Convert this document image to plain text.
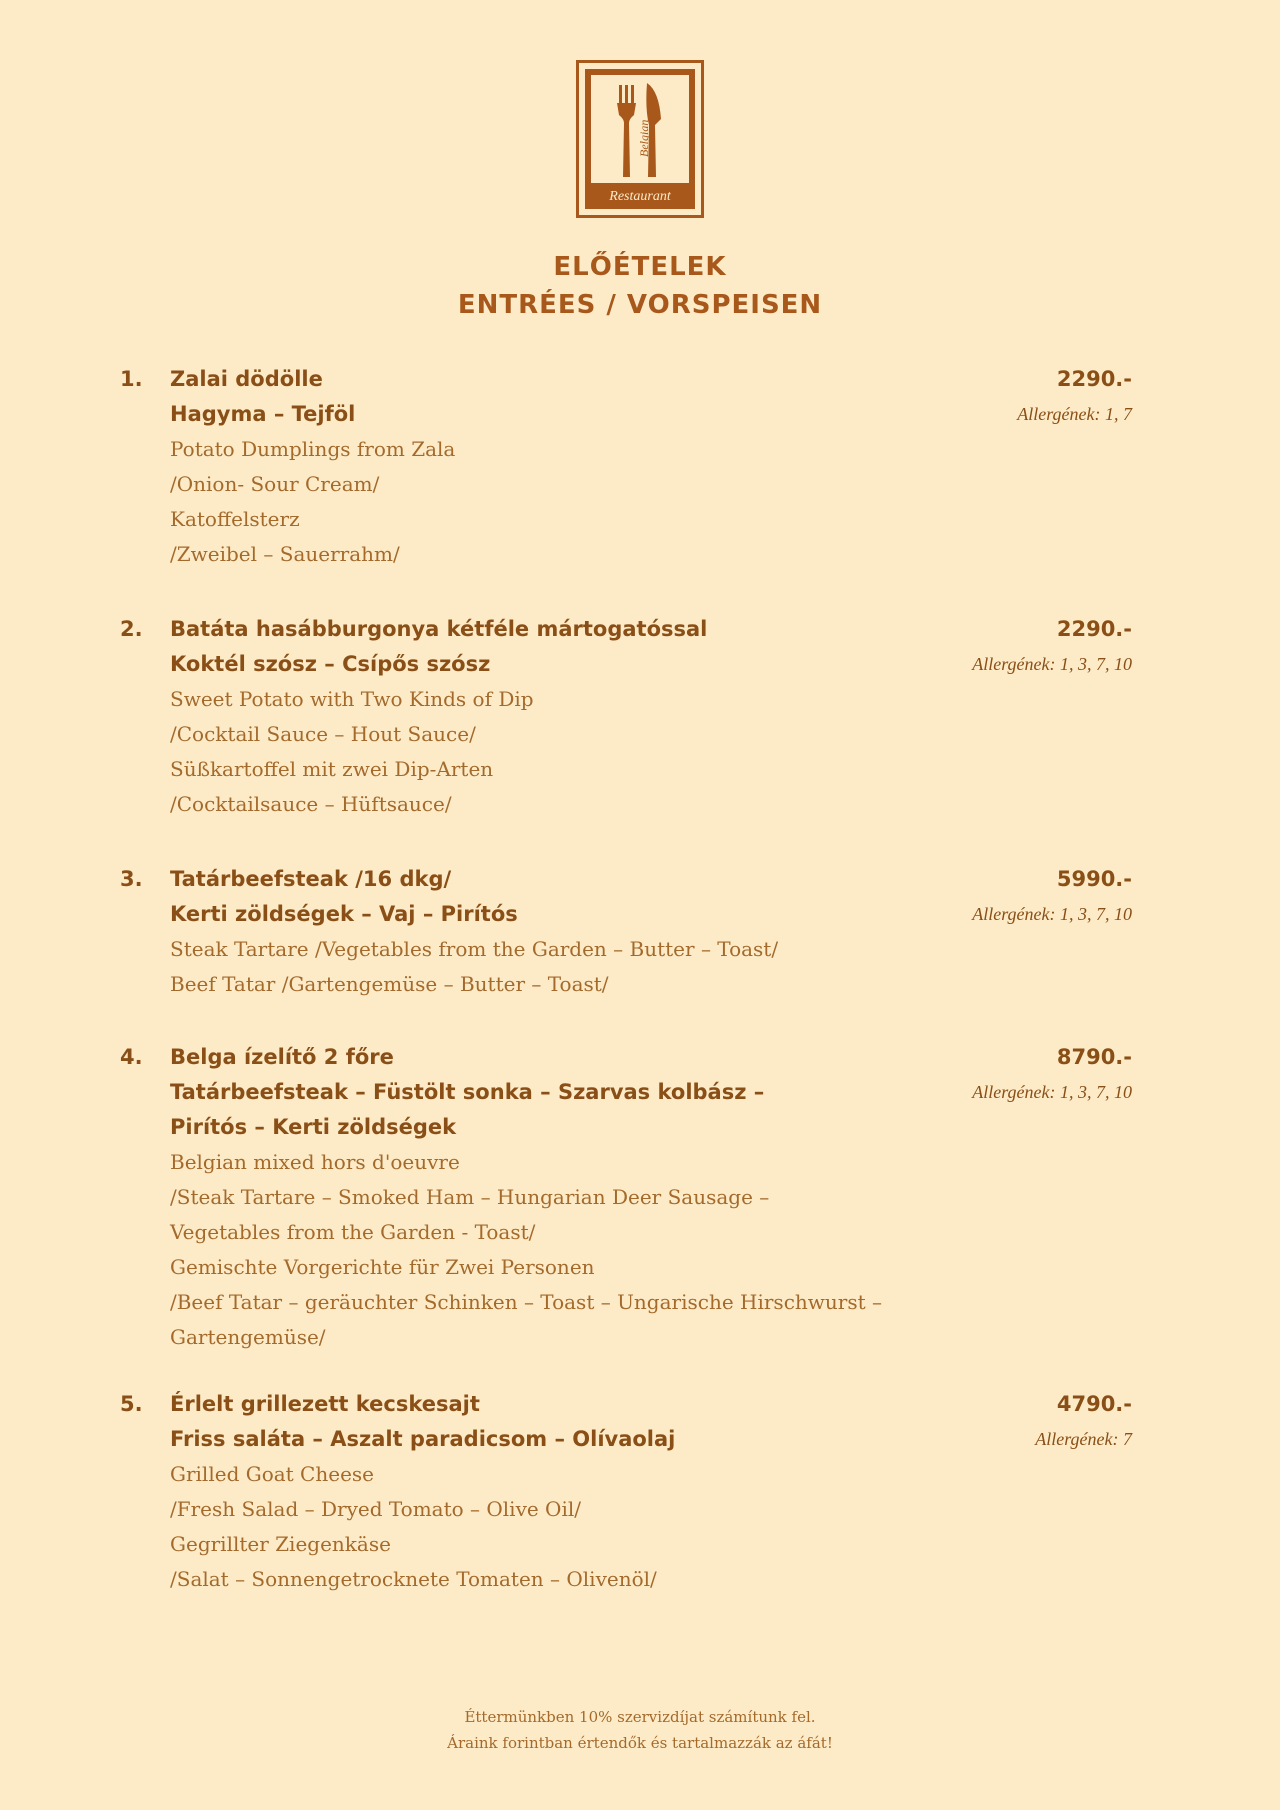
Restaurant
Belgian
ELŐÉTELEK
ENTRÉES / VORSPEISEN
1. Zalai dödölle
Hagyma – Tejföl
Potato Dumplings from Zala
/Onion- Sour Cream/
Katoffelsterz
/Zweibel – Sauerrahm/
2290.-
Allergének: 1, 7
2. Batáta hasábburgonya kétféle mártogatóssal
Koktél szósz – Csípős szósz
Sweet Potato with Two Kinds of Dip
/Cocktail Sauce – Hout Sauce/
Süßkartoffel mit zwei Dip-Arten
/Cocktailsauce – Hüftsauce/
2290.-
Allergének: 1, 3, 7, 10
3. Tatárbeefsteak /16 dkg/
Kerti zöldségek – Vaj – Pirítós
Steak Tartare /Vegetables from the Garden – Butter – Toast/
Beef Tatar /Gartengemüse – Butter – Toast/
5990.-
Allergének: 1, 3, 7, 10
4. Belga ízelítő 2 főre
Tatárbeefsteak – Füstölt sonka – Szarvas kolbász –
Pirítós – Kerti zöldségek
Belgian mixed hors d'oeuvre
/Steak Tartare – Smoked Ham – Hungarian Deer Sausage –
Vegetables from the Garden - Toast/
Gemischte Vorgerichte für Zwei Personen
/Beef Tatar – geräuchter Schinken – Toast – Ungarische Hirschwurst –
Gartengemüse/
8790.-
Allergének: 1, 3, 7, 10
5. Érlelt grillezett kecskesajt
Friss saláta – Aszalt paradicsom – Olívaolaj
Grilled Goat Cheese
/Fresh Salad – Dryed Tomato – Olive Oil/
Gegrillter Ziegenkäse
/Salat – Sonnengetrocknete Tomaten – Olivenöl/
4790.-
Allergének: 7
Éttermünkben 10% szervizdíjat számítunk fel.
Áraink forintban értendők és tartalmazzák az áfát!
